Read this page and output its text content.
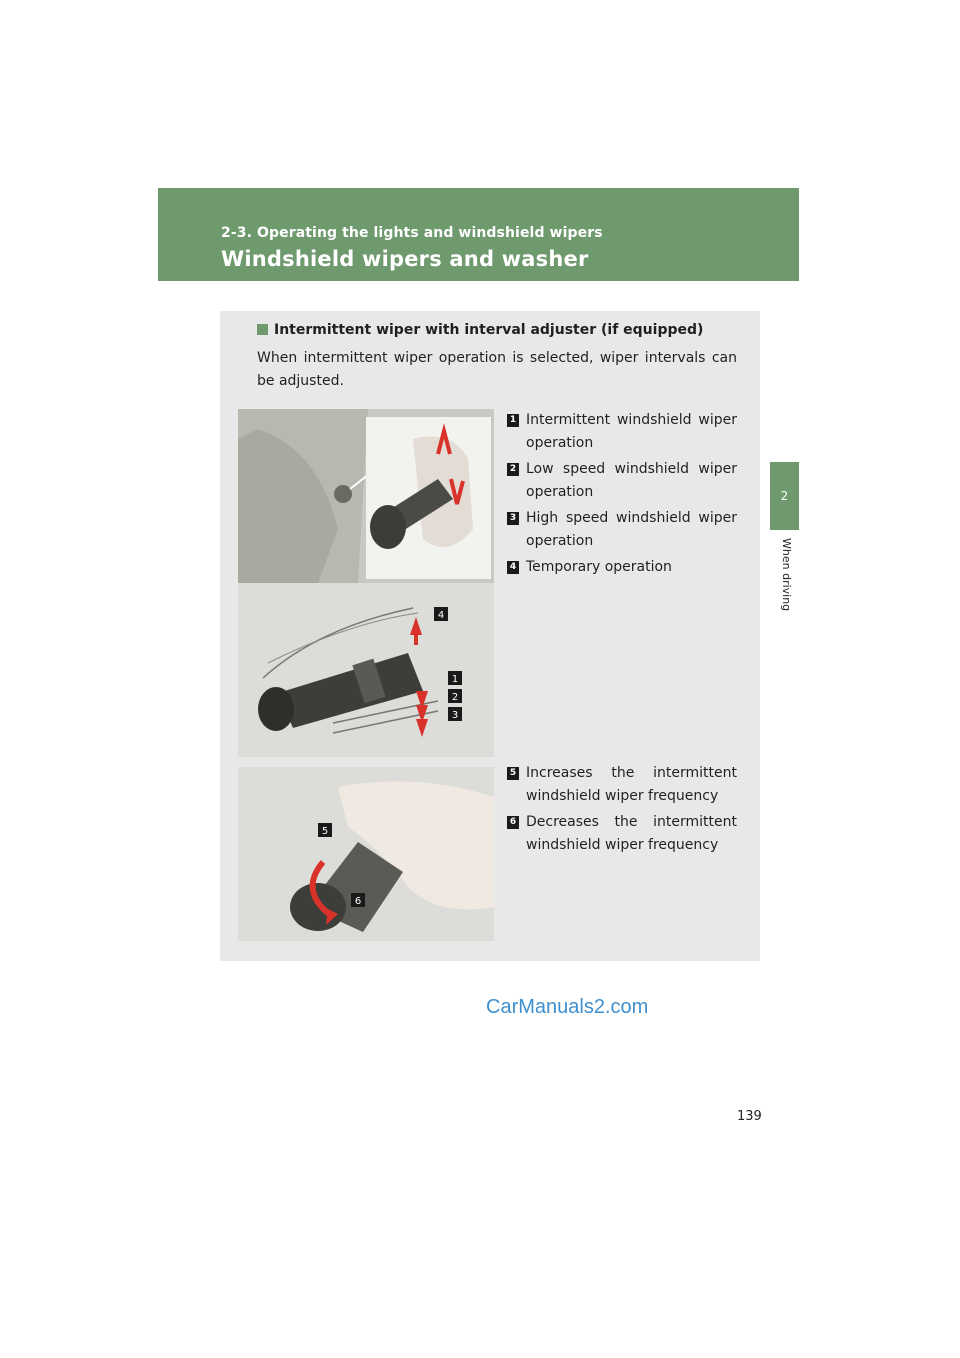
2-3. Operating the lights and windshield wipers
Windshield wipers and washer
2
When driving
Intermittent wiper with interval adjuster (if equipped)
When intermittent wiper operation is selected, wiper intervals can be adjusted.
4
1
2
3
1 Intermittent windshield wiper operation
2 Low speed windshield wiper operation
3 High speed windshield wiper operation
4 Temporary operation
5
6
5 Increases the intermittent windshield wiper frequency
6 Decreases the intermittent windshield wiper frequency
CarManuals2.com
139
